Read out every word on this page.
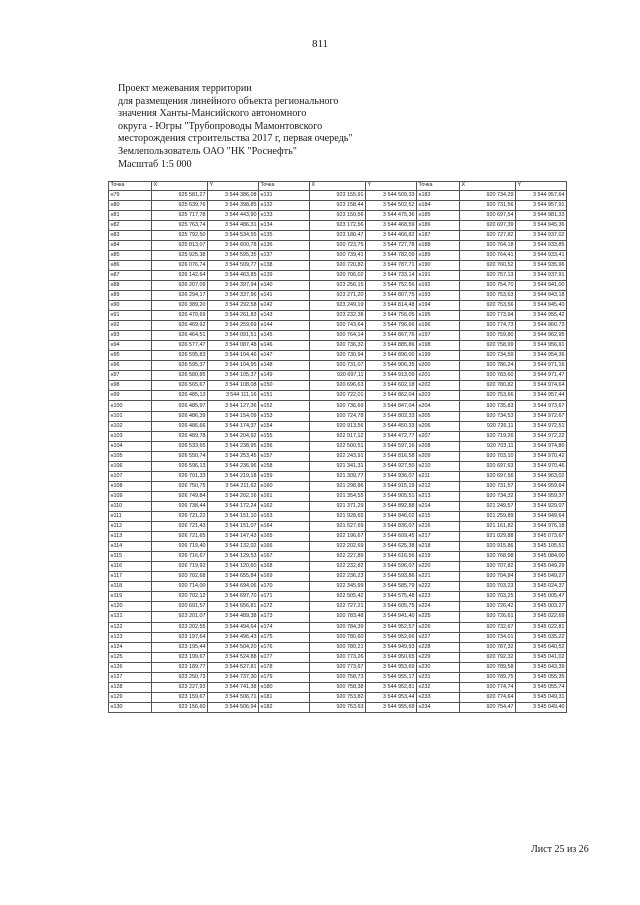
811
Проект межевания территории
для размещения линейного объекта регионального
значения Ханты-Мансийского автономного
округа - Югры "Трубопроводы Мамонтовского
месторождения строительства 2017 г, первая очередь"
Землепользователь ОАО "НК "Роснефть"
Масштаб 1:5 000
Точка	X	Y	Точка	X	Y	Точка	X	Y
н79	925 581,27	3 544 386,08	н131	923 155,91	3 544 509,33	н183	920 734,29	3 544 957,64
н80	925 639,76	3 544 398,85	н132	923 158,44	3 544 502,52	н184	920 731,56	3 544 957,91
н81	925 717,78	3 544 443,90	н133	923 150,56	3 544 475,36	н185	920 697,54	3 544 981,33
н82	925 763,74	3 544 486,31	н134	923 172,56	3 544 468,59	н186	920 697,39	3 544 945,36
н83	925 792,50	3 544 534,55	н135	923 180,47	3 544 466,82	н187	920 727,82	3 544 937,02
н84	925 813,07	3 544 600,78	н136	920 723,75	3 544 727,78	н188	920 764,18	3 544 933,85
н85	925 925,38	3 544 595,35	н137	920 739,41	3 544 782,09	н189	920 764,41	3 544 933,41
н86	926 076,74	3 544 509,77	н138	920 720,82	3 544 787,71	н190	920 760,52	3 544 935,96
н87	926 142,64	3 544 463,85	н139	920 706,02	3 544 733,14	н191	920 757,13	3 544 937,91
н88	926 207,09	3 544 397,94	н140	923 256,15	3 544 752,56	н192	920 754,70	3 544 941,00
н89	926 294,17	3 544 337,96	н141	923 271,20	3 544 807,75	н193	920 753,63	3 544 943,18
н90	926 389,20	3 544 292,58	н142	923 249,19	3 544 814,48	н194	920 753,56	3 544 945,40
н91	926 470,69	3 544 261,83	н143	923 232,38	3 544 756,05	н195	920 773,94	3 544 955,42
н92	926 469,92	3 544 259,69	н144	920 743,64	3 544 796,66	н196	920 774,73	3 544 960,73
н93	926 464,51	3 544 091,51	н145	920 764,14	3 544 867,76	н197	920 759,80	3 544 962,95
н94	926 577,47	3 544 087,48	н146	920 736,32	3 544 885,86	н198	920 758,99	3 544 956,91
н95	926 595,83	3 544 104,46	н147	920 730,94	3 544 896,00	н199	920 734,59	3 544 954,36
н96	926 595,37	3 544 104,95	н148	920 731,07	3 544 906,35	н200	920 786,24	3 544 971,16
н97	926 580,85	3 544 105,37	н149	920 697,11	3 544 913,09	н201	920 783,60	3 544 971,47
н98	926 565,67	3 544 108,08	н150	920 696,63	3 544 602,18	н202	920 780,82	3 544 974,64
н99	926 485,13	3 544 111,16	н151	920 722,01	3 544 862,04	н203	920 753,66	3 544 957,44
н100	926 485,97	3 544 127,36	н152	920 736,69	3 544 847,04	н204	920 735,83	3 544 973,67
н101	926 486,39	3 544 154,09	н153	920 724,78	3 544 802,33	н205	920 734,53	3 544 972,67
н102	926 486,66	3 544 174,37	н154	920 913,56	3 544 450,33	н206	920 726,11	3 544 972,51
н103	926 489,78	3 544 204,92	н155	922 917,12	3 544 472,77	н207	920 719,26	3 544 972,22
н104	926 533,65	3 544 238,95	н156	922 500,51	3 544 597,16	н208	920 703,11	3 544 974,80
н105	926 550,74	3 544 253,45	н157	922 243,91	3 544 816,58	н209	920 703,10	3 544 970,42
н106	926 596,13	3 544 236,96	н158	921 341,31	3 544 927,50	н210	920 697,63	3 544 970,46
н107	926 701,33	3 544 219,18	н159	921 309,77	3 544 936,07	н211	920 697,56	3 544 963,02
н108	926 750,75	3 544 211,62	н160	921 298,86	3 544 915,19	н212	920 731,57	3 544 959,64
н109	926 749,84	3 544 202,16	н161	921 354,55	3 544 905,51	н213	920 734,32	3 544 959,37
н110	926 738,44	3 544 172,24	н162	921 371,29	3 544 892,88	н214	921 249,57	3 544 929,07
н111	926 721,22	3 544 151,10	н163	921 928,65	3 544 846,02	н215	921 259,89	3 544 949,64
н112	926 721,43	3 544 151,07	н164	921 527,69	3 544 836,07	н216	921 161,82	3 544 976,18
н113	926 721,65	3 544 147,43	н165	922 196,67	3 544 609,45	н217	921 029,88	3 545 073,67
н114	926 719,40	3 544 132,02	н166	922 202,69	3 544 625,38	н218	920 915,86	3 545 105,51
н115	926 716,67	3 544 129,53	н167	922 227,89	3 544 616,56	н219	920 768,98	3 545 084,00
н116	926 719,92	3 544 120,60	н168	922 232,82	3 544 596,07	н220	920 707,82	3 545 049,29
н117	920 702,68	3 544 655,84	н169	922 236,23	3 544 593,86	н221	920 704,84	3 545 049,27
н118	920 714,00	3 544 694,06	н170	922 345,99	3 544 585,79	н222	920 703,23	3 545 024,37
н119	920 702,12	3 544 697,70	н171	922 505,42	3 544 575,48	н223	920 703,25	3 545 005,47
н120	920 691,57	3 544 656,81	н172	922 727,21	3 544 605,75	н224	920 726,42	3 545 003,27
н121	923 201,07	3 544 489,38	н173	920 783,48	3 544 941,40	н225	920 726,61	3 545 022,69
н122	923 202,55	3 544 494,64	н174	920 784,39	3 544 952,57	н226	920 732,67	3 545 022,81
н123	923 197,64	3 544 496,43	н175	920 780,60	3 544 952,66	н227	920 734,01	3 545 035,22
н124	923 195,44	3 544 504,20	н176	920 780,21	3 544 949,93	н228	920 787,32	3 545 040,52
н125	923 199,67	3 544 524,88	н177	920 773,26	3 544 950,65	н229	920 792,32	3 545 041,02
н126	923 189,77	3 544 527,81	н178	920 773,67	3 544 953,69	н230	920 789,58	3 545 043,39
н127	923 250,73	3 544 737,30	н179	920 758,73	3 544 955,17	н231	920 789,75	3 545 055,35
н128	923 227,93	3 544 741,38	н180	920 758,38	3 544 952,81	н232	920 774,74	3 545 055,74
н129	923 159,67	3 544 506,71	н181	920 753,82	3 544 953,44	н233	920 774,64	3 545 049,31
н130	923 156,60	3 544 506,94	н182	920 753,63	3 544 955,68	н234	920 754,47	3 545 049,40
Лист 25 из 26
